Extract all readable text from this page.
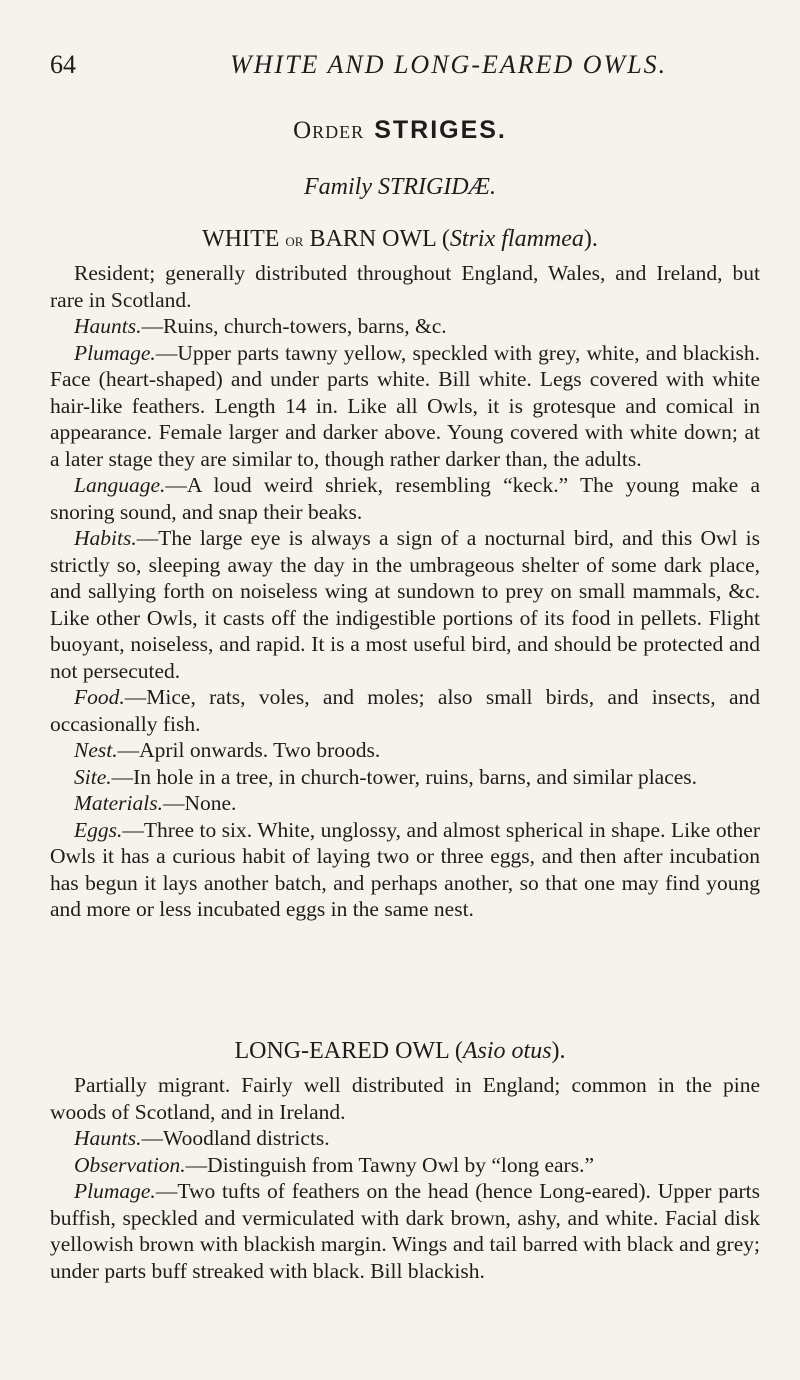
64	WHITE AND LONG-EARED OWLS.
Order STRIGES.
Family STRIGIDÆ.
WHITE or BARN OWL (Strix flammea).

Resident; generally distributed throughout England, Wales, and Ireland, but rare in Scotland.

Haunts.—Ruins, church-towers, barns, &c.

Plumage.—Upper parts tawny yellow, speckled with grey, white, and blackish. Face (heart-shaped) and under parts white. Bill white. Legs covered with white hair-like feathers. Length 14 in. Like all Owls, it is grotesque and comical in appearance. Female larger and darker above. Young covered with white down; at a later stage they are similar to, though rather darker than, the adults.

Language.—A loud weird shriek, resembling “keck.” The young make a snoring sound, and snap their beaks.

Habits.—The large eye is always a sign of a nocturnal bird, and this Owl is strictly so, sleeping away the day in the umbrageous shelter of some dark place, and sallying forth on noiseless wing at sundown to prey on small mammals, &c. Like other Owls, it casts off the indigestible portions of its food in pellets. Flight buoyant, noiseless, and rapid. It is a most useful bird, and should be protected and not persecuted.

Food.—Mice, rats, voles, and moles; also small birds, and insects, and occasionally fish.

Nest.—April onwards. Two broods.

Site.—In hole in a tree, in church-tower, ruins, barns, and similar places.

Materials.—None.

Eggs.—Three to six. White, unglossy, and almost spherical in shape. Like other Owls it has a curious habit of laying two or three eggs, and then after incubation has begun it lays another batch, and perhaps another, so that one may find young and more or less incubated eggs in the same nest.

LONG-EARED OWL (Asio otus).

Partially migrant. Fairly well distributed in England; common in the pine woods of Scotland, and in Ireland.

Haunts.—Woodland districts.

Observation.—Distinguish from Tawny Owl by “long ears.”

Plumage.—Two tufts of feathers on the head (hence Long-eared). Upper parts buffish, speckled and vermiculated with dark brown, ashy, and white. Facial disk yellowish brown with blackish margin. Wings and tail barred with black and grey; under parts buff streaked with black. Bill blackish.
